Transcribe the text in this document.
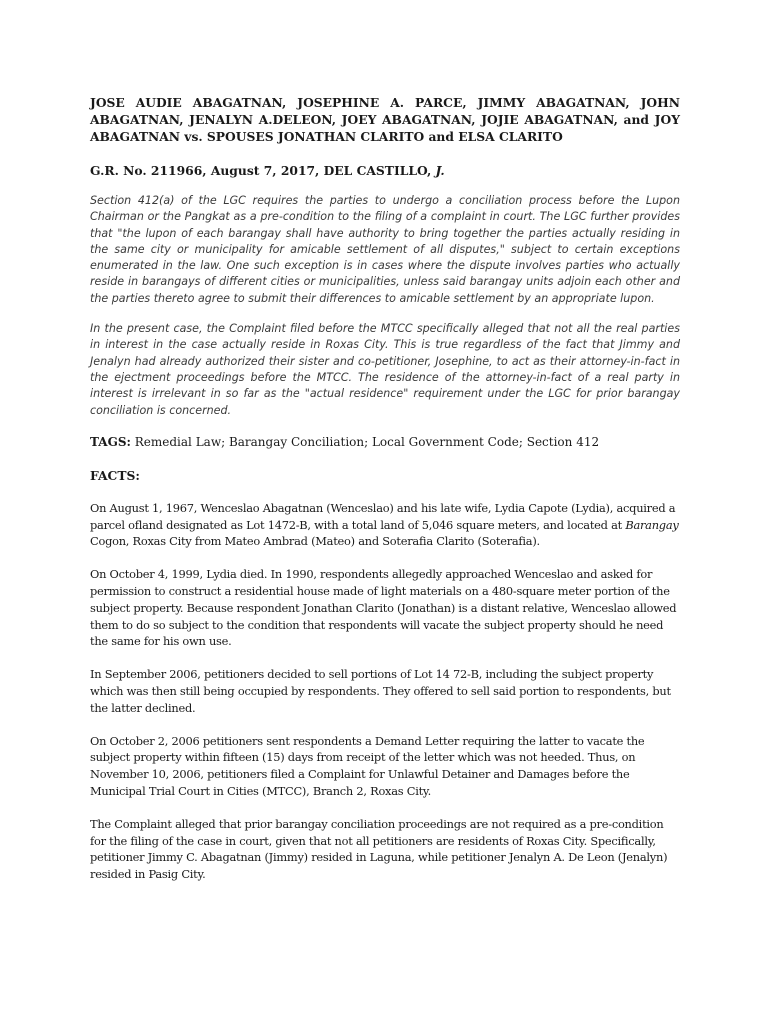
JOSE AUDIE ABAGATNAN, JOSEPHINE A. PARCE, JIMMY ABAGATNAN, JOHN ABAGATNAN, JENALYN A.DELEON, JOEY ABAGATNAN, JOJIE ABAGATNAN, and JOY ABAGATNAN vs. SPOUSES JONATHAN CLARITO and ELSA CLARITO

G.R. No. 211966, August 7, 2017, DEL CASTILLO, J.

Section 412(a) of the LGC requires the parties to undergo a conciliation process before the Lupon Chairman or the Pangkat as a pre-condition to the filing of a complaint in court. The LGC further provides that "the lupon of each barangay shall have authority to bring together the parties actually residing in the same city or municipality for amicable settlement of all disputes," subject to certain exceptions enumerated in the law. One such exception is in cases where the dispute involves parties who actually reside in barangays of different cities or municipalities, unless said barangay units adjoin each other and the parties thereto agree to submit their differences to amicable settlement by an appropriate lupon.

In the present case, the Complaint filed before the MTCC specifically alleged that not all the real parties in interest in the case actually reside in Roxas City. This is true regardless of the fact that Jimmy and Jenalyn had already authorized their sister and co-petitioner, Josephine, to act as their attorney-in-fact in the ejectment proceedings before the MTCC. The residence of the attorney-in-fact of a real party in interest is irrelevant in so far as the "actual residence" requirement under the LGC for prior barangay conciliation is concerned.

TAGS: Remedial Law; Barangay Conciliation; Local Government Code; Section 412

FACTS:

On August 1, 1967, Wenceslao Abagatnan (Wenceslao) and his late wife, Lydia Capote (Lydia), acquired a parcel ofland designated as Lot 1472-B, with a total land of 5,046 square meters, and located at Barangay Cogon, Roxas City from Mateo Ambrad (Mateo) and Soterafia Clarito (Soterafia).

On October 4, 1999, Lydia died. In 1990, respondents allegedly approached Wenceslao and asked for permission to construct a residential house made of light materials on a 480-square meter portion of the subject property. Because respondent Jonathan Clarito (Jonathan) is a distant relative, Wenceslao allowed them to do so subject to the condition that respondents will vacate the subject property should he need the same for his own use.

In September 2006, petitioners decided to sell portions of Lot 14 72-B, including the subject property which was then still being occupied by respondents. They offered to sell said portion to respondents, but the latter declined.

On October 2, 2006 petitioners sent respondents a Demand Letter requiring the latter to vacate the subject property within fifteen (15) days from receipt of the letter which was not heeded. Thus, on November 10, 2006, petitioners filed a Complaint for Unlawful Detainer and Damages before the Municipal Trial Court in Cities (MTCC), Branch 2, Roxas City.

The Complaint alleged that prior barangay conciliation proceedings are not required as a pre-condition for the filing of the case in court, given that not all petitioners are residents of Roxas City. Specifically, petitioner Jimmy C. Abagatnan (Jimmy) resided in Laguna, while petitioner Jenalyn A. De Leon (Jenalyn) resided in Pasig City.
